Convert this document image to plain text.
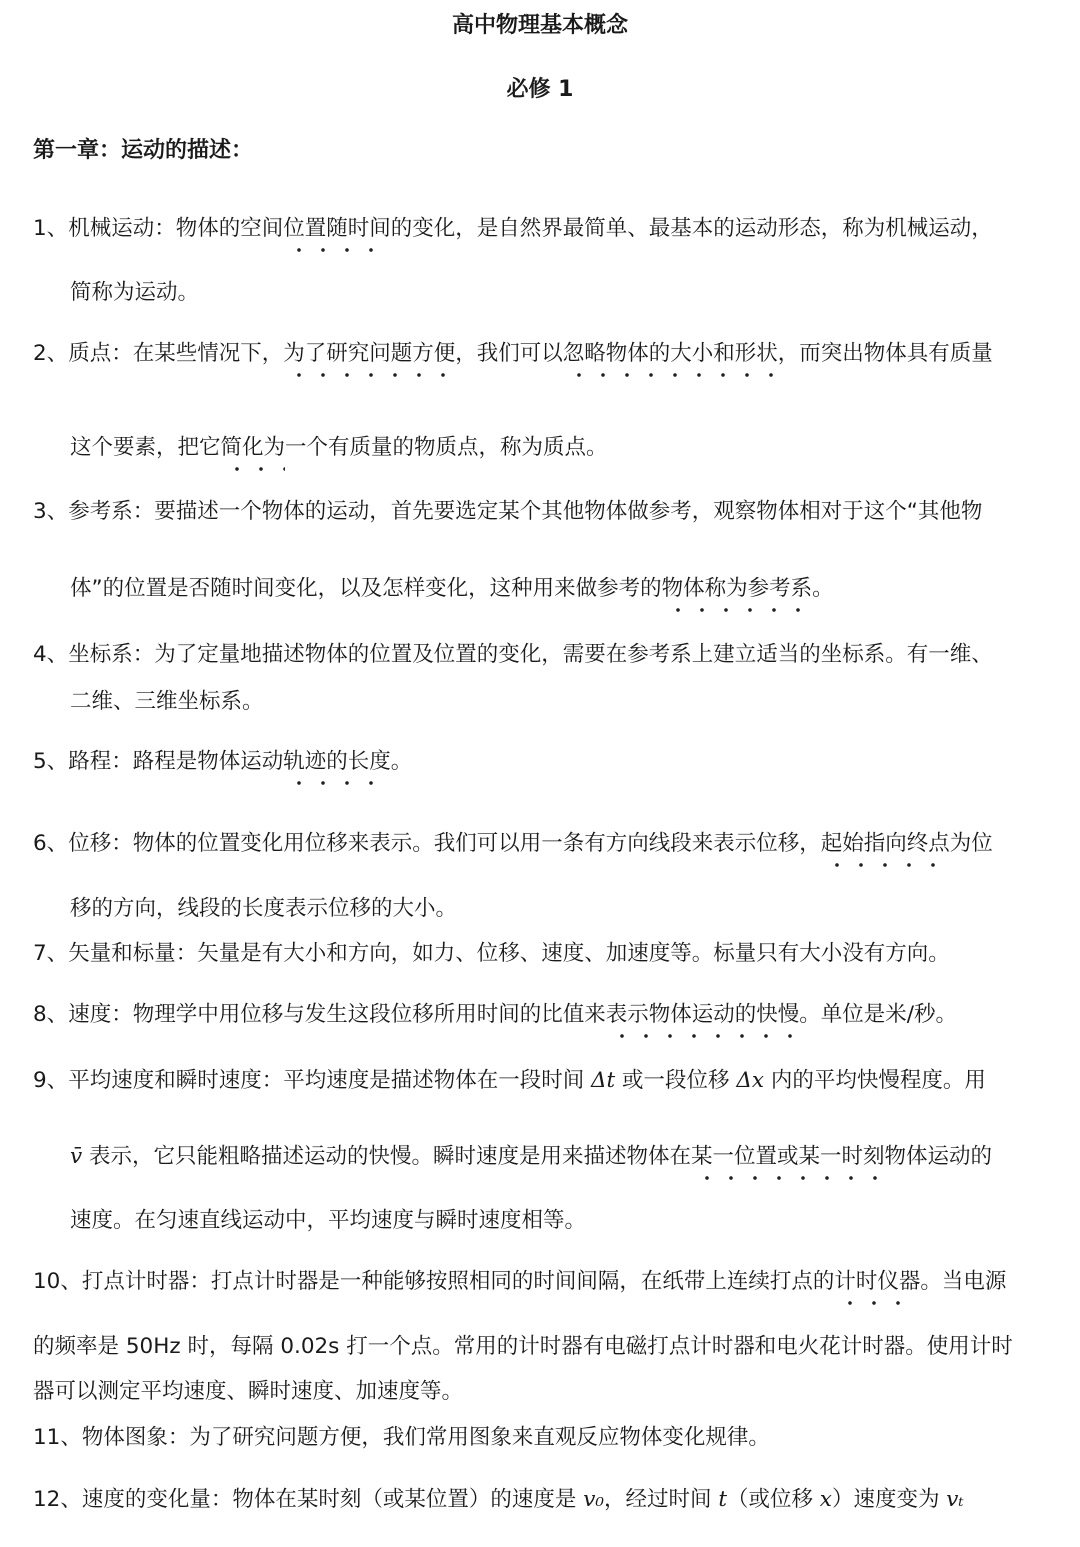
高中物理基本概念
必修 1
第一章：运动的描述：
1、机械运动：物体的空间位置随时间的变化，是自然界最简单、最基本的运动形态，称为机械运动，
简称为运动。
2、质点：在某些情况下，为了研究问题方便，我们可以忽略物体的大小和形状，而突出物体具有质量
这个要素，把它简化为一个有质量的物质点，称为质点。
3、参考系：要描述一个物体的运动，首先要选定某个其他物体做参考，观察物体相对于这个“其他物
体”的位置是否随时间变化，以及怎样变化，这种用来做参考的物体称为参考系。
4、坐标系：为了定量地描述物体的位置及位置的变化，需要在参考系上建立适当的坐标系。有一维、
二维、三维坐标系。
5、路程：路程是物体运动轨迹的长度。
6、位移：物体的位置变化用位移来表示。我们可以用一条有方向线段来表示位移，起始指向终点为位
移的方向，线段的长度表示位移的大小。
7、矢量和标量：矢量是有大小和方向，如力、位移、速度、加速度等。标量只有大小没有方向。
8、速度：物理学中用位移与发生这段位移所用时间的比值来表示物体运动的快慢。单位是米/秒。
9、平均速度和瞬时速度：平均速度是描述物体在一段时间 Δt 或一段位移 Δx 内的平均快慢程度。用
v̄ 表示，它只能粗略描述运动的快慢。瞬时速度是用来描述物体在某一位置或某一时刻物体运动的
速度。在匀速直线运动中，平均速度与瞬时速度相等。
10、打点计时器：打点计时器是一种能够按照相同的时间间隔，在纸带上连续打点的计时仪器。当电源
的频率是 50Hz 时，每隔 0.02s 打一个点。常用的计时器有电磁打点计时器和电火花计时器。使用计时
器可以测定平均速度、瞬时速度、加速度等。
11、物体图象：为了研究问题方便，我们常用图象来直观反应物体变化规律。
12、速度的变化量：物体在某时刻（或某位置）的速度是 v₀，经过时间 t（或位移 x）速度变为 vₜ
